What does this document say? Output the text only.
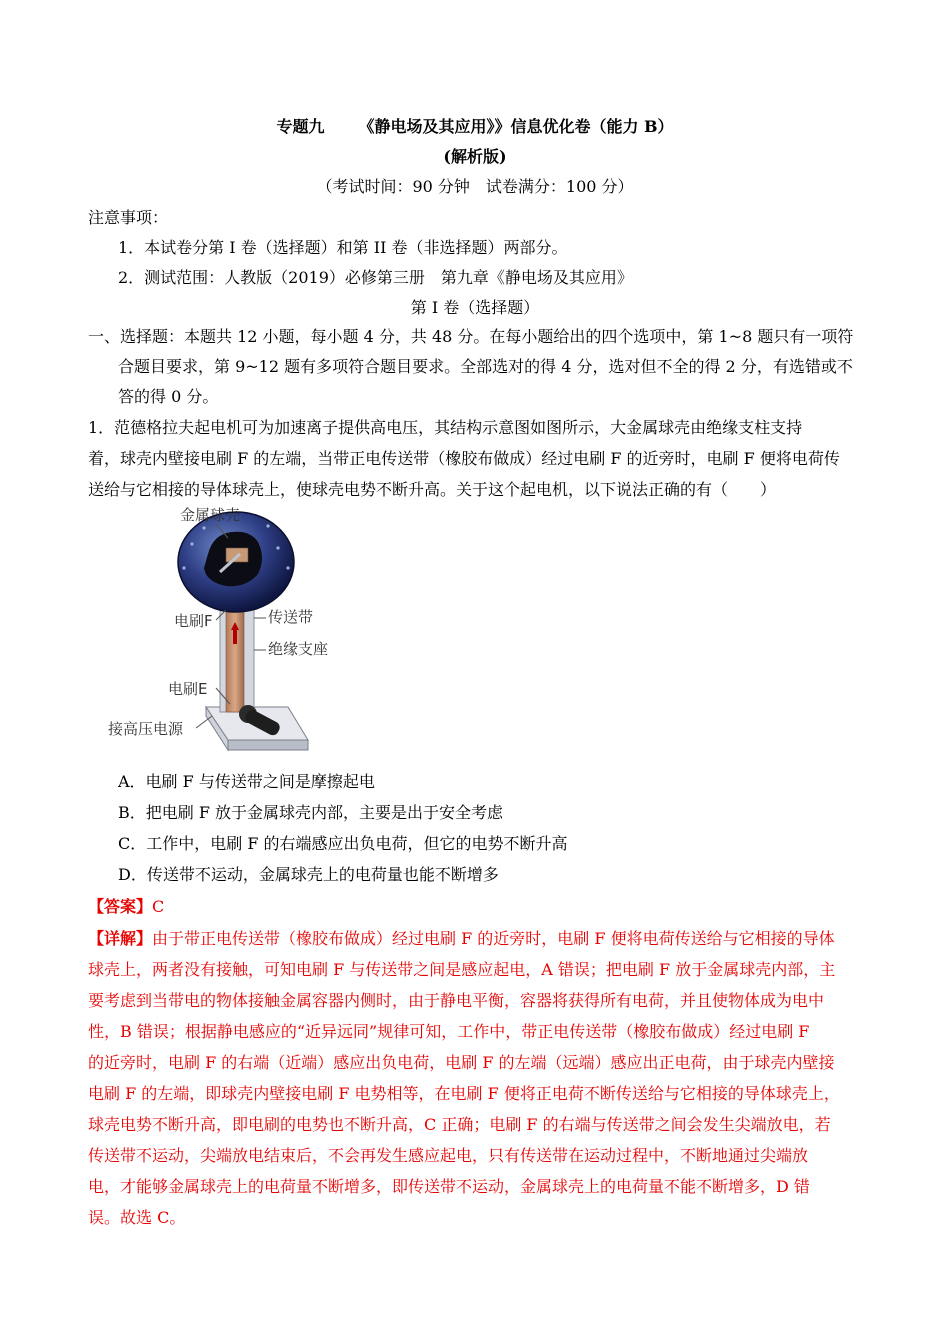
专题九 《静电场及其应用》》信息优化卷（能力 B）
(解析版)
（考试时间：90 分钟　试卷满分：100 分）
注意事项：
1．本试卷分第 I 卷（选择题）和第 II 卷（非选择题）两部分。
2．测试范围：人教版（2019）必修第三册　第九章《静电场及其应用》
第 I 卷（选择题）
一、选择题：本题共 12 小题，每小题 4 分，共 48 分。在每小题给出的四个选项中，第 1~8 题只有一项符
合题目要求，第 9~12 题有多项符合题目要求。全部选对的得 4 分，选对但不全的得 2 分，有选错或不
答的得 0 分。
1．范德格拉夫起电机可为加速离子提供高电压，其结构示意图如图所示，大金属球壳由绝缘支柱支持
着，球壳内壁接电刷 F 的左端，当带正电传送带（橡胶布做成）经过电刷 F 的近旁时，电刷 F 便将电荷传
送给与它相接的导体球壳上，使球壳电势不断升高。关于这个起电机，以下说法正确的有（　　）
金属球壳
电刷F	传送带
绝缘支座
电刷E
接高压电源
A．电刷 F 与传送带之间是摩擦起电
B．把电刷 F 放于金属球壳内部，主要是出于安全考虑
C．工作中，电刷 F 的右端感应出负电荷，但它的电势不断升高
D．传送带不运动，金属球壳上的电荷量也能不断增多
【答案】C
【详解】由于带正电传送带（橡胶布做成）经过电刷 F 的近旁时，电刷 F 便将电荷传送给与它相接的导体
球壳上，两者没有接触，可知电刷 F 与传送带之间是感应起电，A 错误；把电刷 F 放于金属球壳内部，主
要考虑到当带电的物体接触金属容器内侧时，由于静电平衡，容器将获得所有电荷，并且使物体成为电中
性，B 错误；根据静电感应的“近异远同”规律可知，工作中，带正电传送带（橡胶布做成）经过电刷 F
的近旁时，电刷 F 的右端（近端）感应出负电荷，电刷 F 的左端（远端）感应出正电荷，由于球壳内壁接
电刷 F 的左端，即球壳内壁接电刷 F 电势相等，在电刷 F 便将正电荷不断传送给与它相接的导体球壳上，
球壳电势不断升高，即电刷的电势也不断升高，C 正确；电刷 F 的右端与传送带之间会发生尖端放电，若
传送带不运动，尖端放电结束后，不会再发生感应起电，只有传送带在运动过程中，不断地通过尖端放
电，才能够金属球壳上的电荷量不断增多，即传送带不运动，金属球壳上的电荷量不能不断增多，D 错
误。故选 C。
